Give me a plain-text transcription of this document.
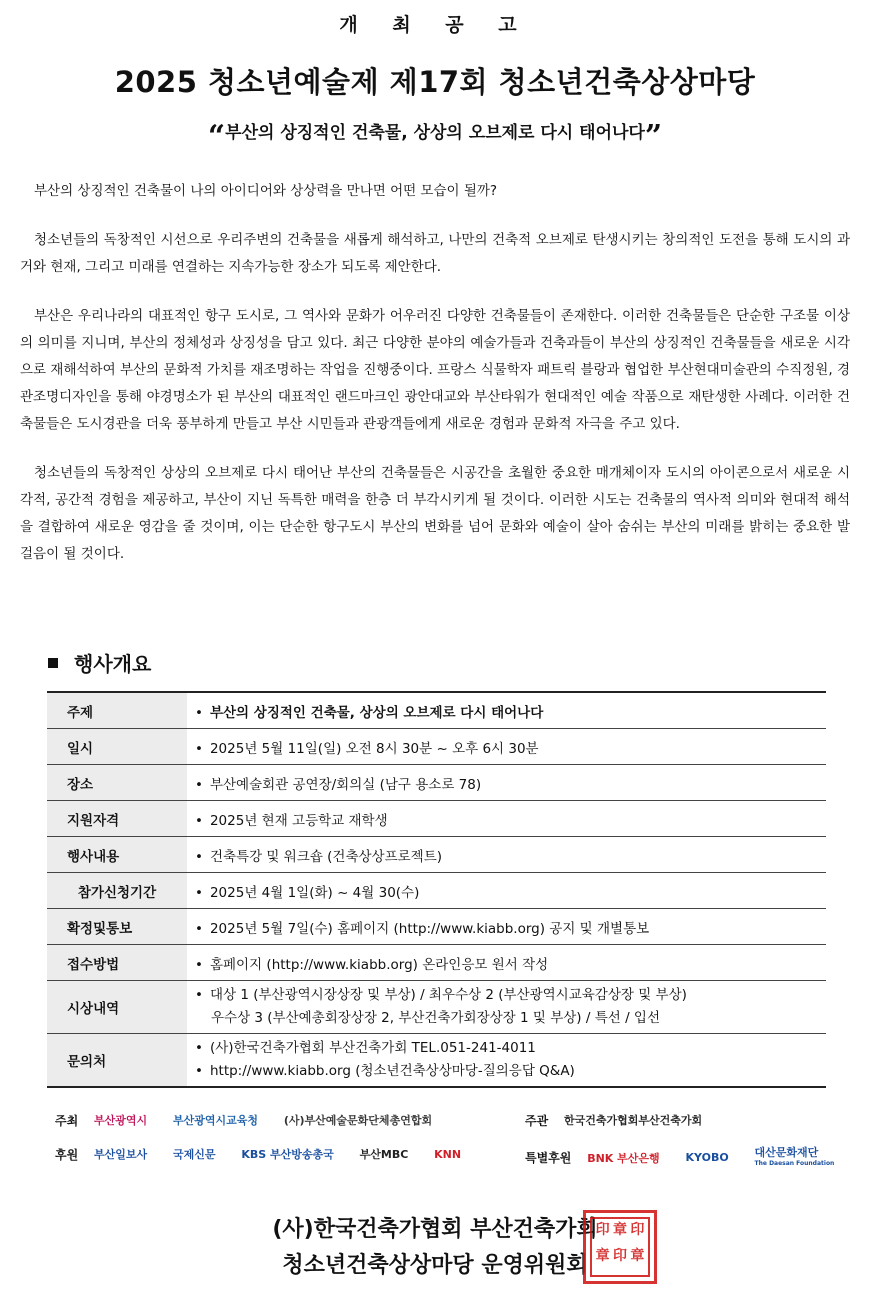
개 최 공 고
2025 청소년예술제 제17회 청소년건축상상마당
“부산의 상징적인 건축물, 상상의 오브제로 다시 태어나다”

부산의 상징적인 건축물이 나의 아이디어와 상상력을 만나면 어떤 모습이 될까?

청소년들의 독창적인 시선으로 우리주변의 건축물을 새롭게 해석하고, 나만의 건축적 오브제로 탄생시키는 창의적인 도전을 통해 도시의 과거와 현재, 그리고 미래를 연결하는 지속가능한 장소가 되도록 제안한다.

부산은 우리나라의 대표적인 항구 도시로, 그 역사와 문화가 어우러진 다양한 건축물들이 존재한다. 이러한 건축물들은 단순한 구조물 이상의 의미를 지니며, 부산의 정체성과 상징성을 담고 있다. 최근 다양한 분야의 예술가들과 건축과들이 부산의 상징적인 건축물들을 새로운 시각으로 재해석하여 부산의 문화적 가치를 재조명하는 작업을 진행중이다. 프랑스 식물학자 패트릭 블랑과 협업한 부산현대미술관의 수직정원, 경관조명디자인을 통해 야경명소가 된 부산의 대표적인 랜드마크인 광안대교와 부산타워가 현대적인 예술 작품으로 재탄생한 사례다. 이러한 건축물들은 도시경관을 더욱 풍부하게 만들고 부산 시민들과 관광객들에게 새로운 경험과 문화적 자극을 주고 있다.

청소년들의 독창적인 상상의 오브제로 다시 태어난 부산의 건축물들은 시공간을 초월한 중요한 매개체이자 도시의 아이콘으로서 새로운 시각적, 공간적 경험을 제공하고, 부산이 지닌 독특한 매력을 한층 더 부각시키게 될 것이다. 이러한 시도는 건축물의 역사적 의미와 현대적 해석을 결합하여 새로운 영감을 줄 것이며, 이는 단순한 항구도시 부산의 변화를 넘어 문화와 예술이 살아 숨쉬는 부산의 미래를 밝히는 중요한 발걸음이 될 것이다.

행사개요
주제	• 부산의 상징적인 건축물, 상상의 오브제로 다시 태어나다
일시	• 2025년 5월 11일(일) 오전 8시 30분 ~ 오후 6시 30분
장소	• 부산예술회관 공연장/회의실 (남구 용소로 78)
지원자격	• 2025년 현재 고등학교 재학생
행사내용	• 건축특강 및 워크숍 (건축상상프로젝트)
참가신청기간	• 2025년 4월 1일(화) ~ 4월 30(수)
확정및통보	• 2025년 5월 7일(수) 홈페이지 (http://www.kiabb.org) 공지 및 개별통보
접수방법	• 홈페이지 (http://www.kiabb.org) 온라인응모 원서 작성
시상내역	• 대상 1 (부산광역시장상장 및 부상) / 최우수상 2 (부산광역시교육감상장 및 부상)
우수상 3 (부산예총회장상장 2, 부산건축가회장상장 1 및 부상) / 특선 / 입선

문의처	• (사)한국건축가협회 부산건축가회 TEL.051-241-4011
• http://www.kiabb.org (청소년건축상상마당-질의응답 Q&A)
주최 부산광역시 부산광역시교육청 (사)부산예술문화단체총연합회	주관 한국건축가협회부산건축가회
후원 부산일보사 국제신문 KBS 부산방송총국 부산MBC KNN	특별후원 BNK 부산은행 KYOBO 대산문화재단
The Daesan Foundation
(사)한국건축가협회 부산건축가회
청소년건축상상마당 운영위원회
印 章 印
章 印 章
